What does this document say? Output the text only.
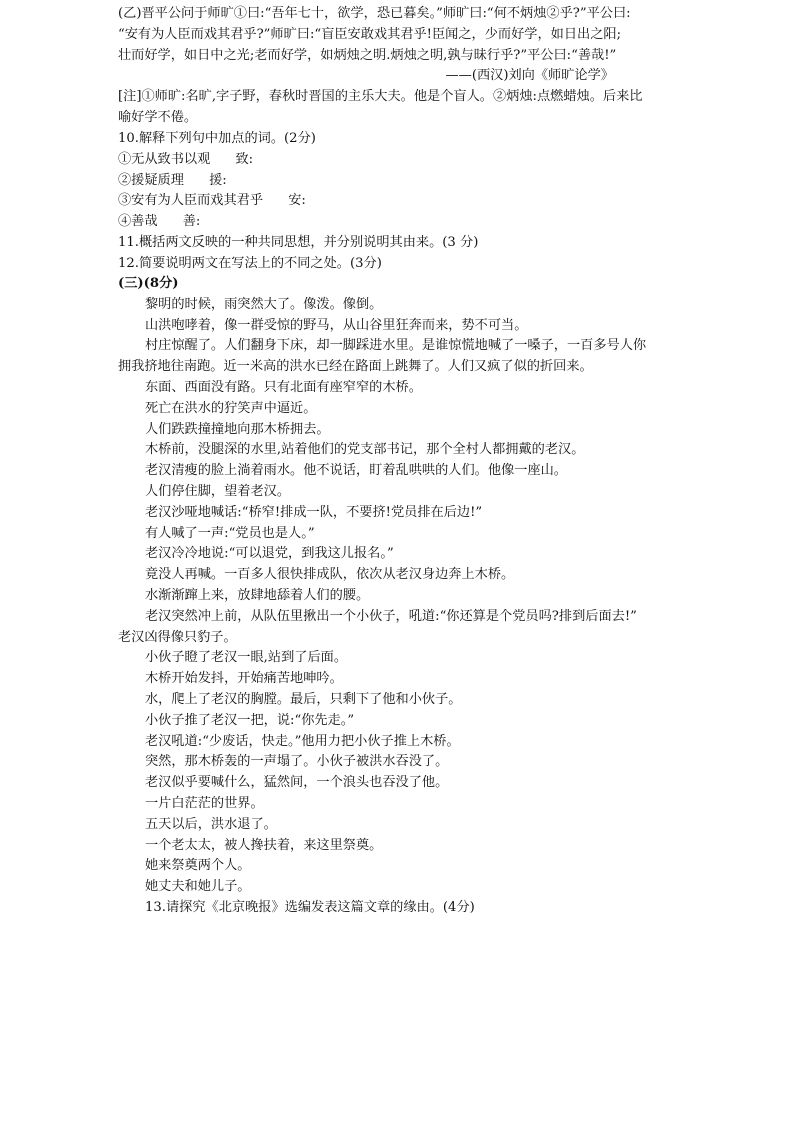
(乙)晋平公问于师旷①曰:“吾年七十，欲学，恐已暮矣。”师旷曰:“何不炳烛②乎?”平公曰:
“安有为人臣而戏其君乎?”师旷曰:“盲臣安敢戏其君乎!臣闻之，少而好学，如日出之阳;
壮而好学，如日中之光;老而好学，如炳烛之明.炳烛之明,孰与昧行乎?”平公曰:“善哉!”
——(西汉)刘向《师旷论学》
[注]①师旷:名旷,字子野，春秋时晋国的主乐大夫。他是个盲人。②炳烛:点燃蜡烛。后来比
喻好学不倦。
10.解释下列句中加点的词。(2分)
①无从致书以观      致:
②援疑质理      援:
③安有为人臣而戏其君乎      安:
④善哉      善:
11.概括两文反映的一种共同思想，并分别说明其由来。(3 分)
12.简要说明两文在写法上的不同之处。(3分)
(三)(8分)
黎明的时候，雨突然大了。像泼。像倒。
山洪咆哮着，像一群受惊的野马，从山谷里狂奔而来，势不可当。
村庄惊醒了。人们翻身下床，却一脚踩进水里。是谁惊慌地喊了一嗓子，一百多号人你
拥我挤地往南跑。近一米高的洪水已经在路面上跳舞了。人们又疯了似的折回来。
东面、西面没有路。只有北面有座窄窄的木桥。
死亡在洪水的狞笑声中逼近。
人们跌跌撞撞地向那木桥拥去。
木桥前，没腿深的水里,站着他们的党支部书记，那个全村人都拥戴的老汉。
老汉清瘦的脸上淌着雨水。他不说话，盯着乱哄哄的人们。他像一座山。
人们停住脚，望着老汉。
老汉沙哑地喊话:“桥窄!排成一队，不要挤!党员排在后边!”
有人喊了一声:“党员也是人。”
老汉冷冷地说:“可以退党，到我这儿报名。”
竟没人再喊。一百多人很快排成队，依次从老汉身边奔上木桥。
水渐渐蹿上来，放肆地舔着人们的腰。
老汉突然冲上前，从队伍里揪出一个小伙子，吼道:“你还算是个党员吗?排到后面去!”
老汉凶得像只豹子。
小伙子瞪了老汉一眼,站到了后面。
木桥开始发抖，开始痛苦地呻吟。
水，爬上了老汉的胸膛。最后，只剩下了他和小伙子。
小伙子推了老汉一把，说:“你先走。”
老汉吼道:“少废话，快走。”他用力把小伙子推上木桥。
突然，那木桥轰的一声塌了。小伙子被洪水吞没了。
老汉似乎要喊什么，猛然间，一个浪头也吞没了他。
一片白茫茫的世界。
五天以后，洪水退了。
一个老太太，被人搀扶着，来这里祭奠。
她来祭奠两个人。
她丈夫和她儿子。
13.请探究《北京晚报》选编发表这篇文章的缘由。(4分)
